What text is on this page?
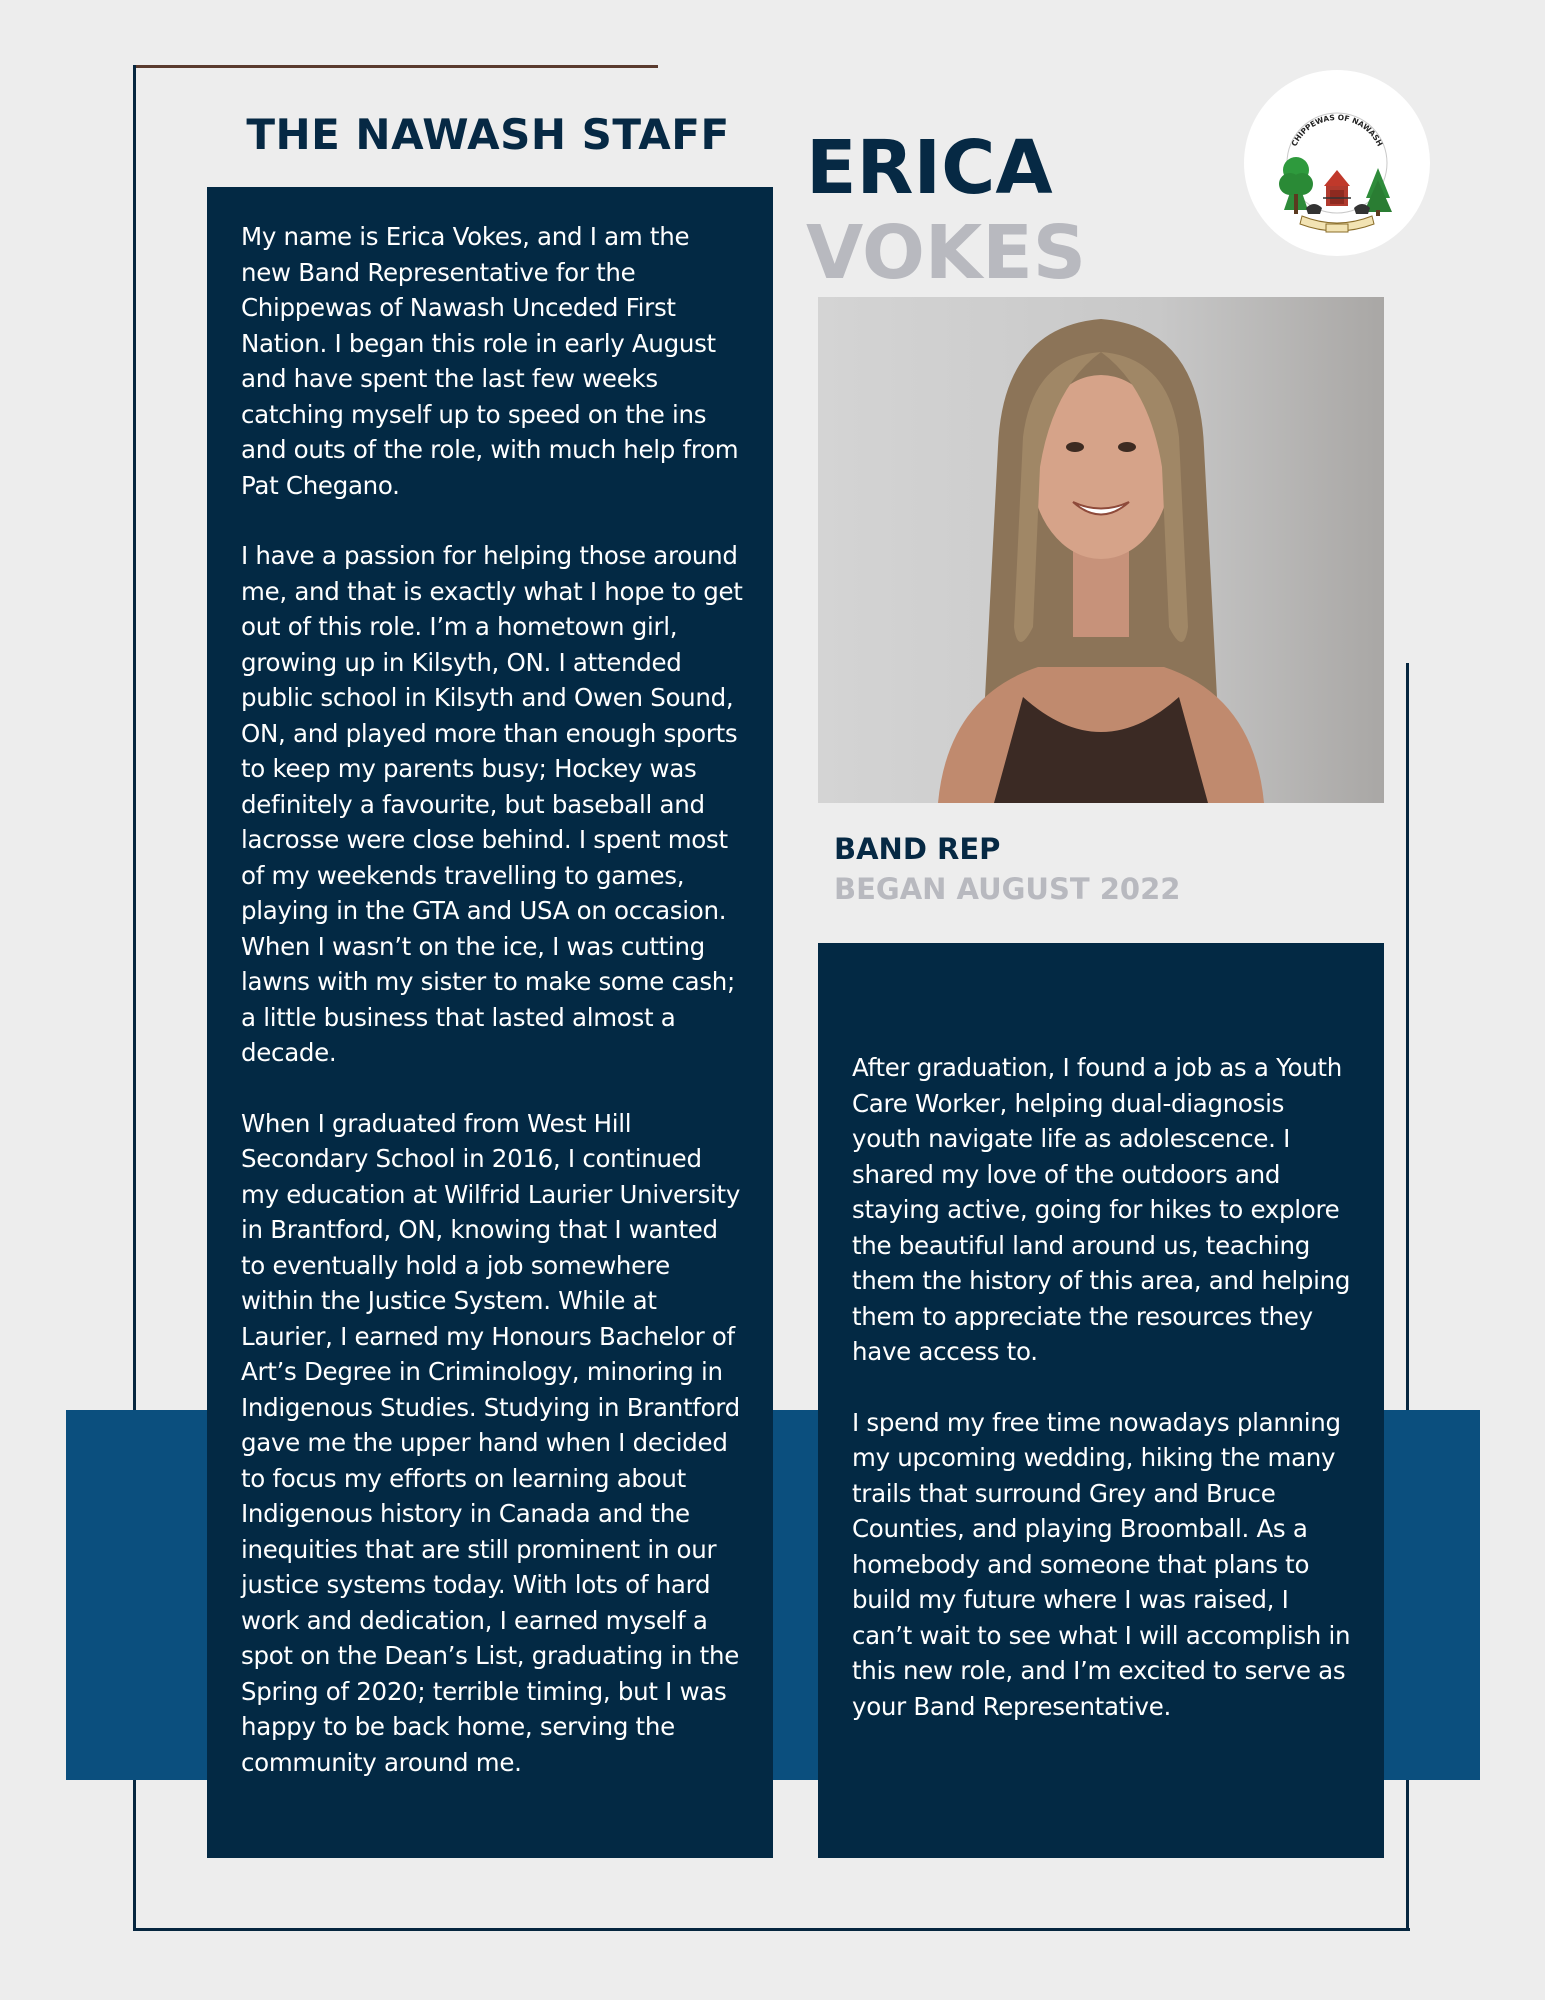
THE NAWASH STAFF

My name is Erica Vokes, and I am the new Band Representative for the Chippewas of Nawash Unceded First Nation. I began this role in early August and have spent the last few weeks catching myself up to speed on the ins and outs of the role, with much help from Pat Chegano.

I have a passion for helping those around me, and that is exactly what I hope to get out of this role. I’m a hometown girl, growing up in Kilsyth, ON. I attended public school in Kilsyth and Owen Sound, ON, and played more than enough sports to keep my parents busy; Hockey was definitely a favourite, but baseball and lacrosse were close behind. I spent most of my weekends travelling to games, playing in the GTA and USA on occasion. When I wasn’t on the ice, I was cutting lawns with my sister to make some cash; a little business that lasted almost a decade.

When I graduated from West Hill Secondary School in 2016, I continued my education at Wilfrid Laurier University in Brantford, ON, knowing that I wanted to eventually hold a job somewhere within the Justice System. While at Laurier, I earned my Honours Bachelor of Art’s Degree in Criminology, minoring in Indigenous Studies. Studying in Brantford gave me the upper hand when I decided to focus my efforts on learning about Indigenous history in Canada and the inequities that are still prominent in our justice systems today. With lots of hard work and dedication, I earned myself a spot on the Dean’s List, graduating in the Spring of 2020; terrible timing, but I was happy to be back home, serving the community around me.

ERICA
VOKES
CHIPPEWAS OF NAWASH
BAND REP
BEGAN AUGUST 2022

After graduation, I found a job as a Youth Care Worker, helping dual-diagnosis youth navigate life as adolescence. I shared my love of the outdoors and staying active, going for hikes to explore the beautiful land around us, teaching them the history of this area, and helping them to appreciate the resources they have access to.

I spend my free time nowadays planning my upcoming wedding, hiking the many trails that surround Grey and Bruce Counties, and playing Broomball. As a homebody and someone that plans to build my future where I was raised, I can’t wait to see what I will accomplish in this new role, and I’m excited to serve as your Band Representative.
